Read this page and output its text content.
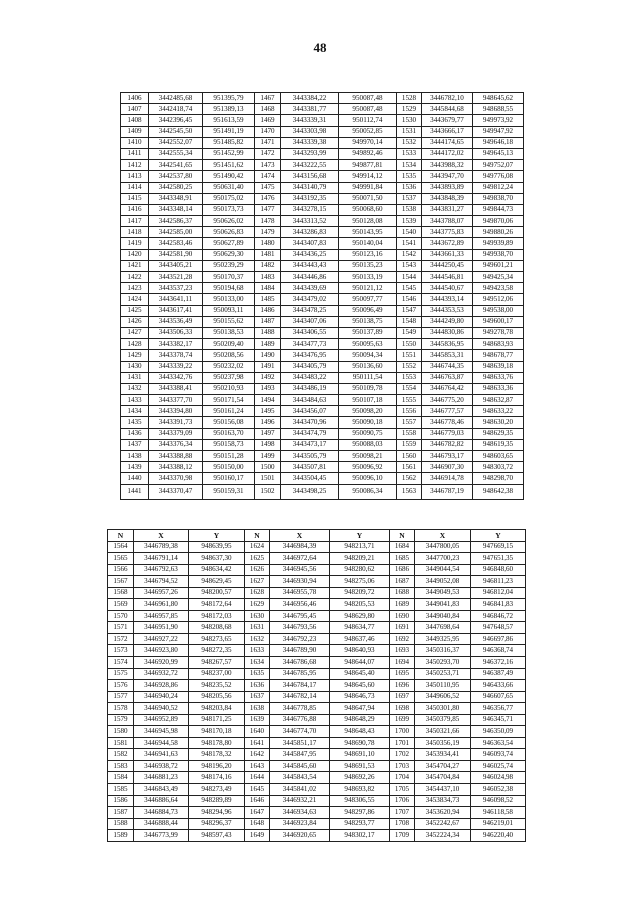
48
1406	3442485,68	951395,79	1467	3443384,22	950087,48	1528	3446782,10	948645,62
1407	3442418,74	951389,13	1468	3443381,77	950087,48	1529	3445844,68	948688,55
1408	3442396,45	951613,59	1469	3443339,31	950112,74	1530	3443679,77	949973,92
1409	3442545,50	951491,19	1470	3443303,98	950052,85	1531	3443666,17	949947,92
1410	3442552,07	951485,82	1471	3443339,38	949970,14	1532	3444174,65	949646,18
1411	3442555,34	951452,99	1472	3443293,99	949892,46	1533	3444172,02	949645,13
1412	3442541,65	951451,62	1473	3443222,55	949877,81	1534	3443988,32	949752,07
1413	3442537,80	951490,42	1474	3443156,68	949914,12	1535	3443947,70	949776,08
1414	3442580,25	950631,40	1475	3443140,79	949991,84	1536	3443893,89	949812,24
1415	3443348,91	950175,02	1476	3443192,35	950071,50	1537	3443848,39	949838,70
1416	3443348,14	950173,73	1477	3443278,15	950068,60	1538	3443831,27	949844,73
1417	3442586,37	950626,02	1478	3443313,52	950128,08	1539	3443788,07	949870,06
1418	3442585,00	950626,83	1479	3443286,83	950143,95	1540	3443775,83	949880,26
1419	3442583,46	950627,89	1480	3443407,83	950140,04	1541	3443672,89	949939,89
1420	3442581,90	950629,30	1481	3443436,25	950123,16	1542	3443661,33	949938,70
1421	3443405,21	950239,29	1482	3443443,43	950135,23	1543	3444250,45	949601,21
1422	3443521,28	950170,37	1483	3443446,86	950133,19	1544	3444546,81	949425,34
1423	3443537,23	950194,68	1484	3443439,69	950121,12	1545	3444540,67	949423,58
1424	3443641,11	950133,00	1485	3443479,02	950097,77	1546	3444393,14	949512,06
1425	3443617,41	950093,11	1486	3443478,25	950096,49	1547	3444353,53	949538,00
1426	3443536,49	950155,62	1487	3443407,06	950138,75	1548	3444249,80	949600,17
1427	3443506,33	950138,53	1488	3443406,55	950137,89	1549	3444830,86	949278,78
1428	3443382,17	950209,40	1489	3443477,73	950095,63	1550	3445836,95	948683,93
1429	3443378,74	950208,56	1490	3443476,95	950094,34	1551	3445853,31	948678,77
1430	3443339,22	950232,02	1491	3443405,79	950136,60	1552	3446744,35	948639,18
1431	3443342,76	950237,98	1492	3443483,22	950111,54	1553	3446763,87	948633,76
1432	3443388,41	950210,93	1493	3443486,19	950109,78	1554	3446764,42	948633,36
1433	3443377,70	950171,54	1494	3443484,63	950107,18	1555	3446775,20	948632,87
1434	3443394,80	950161,24	1495	3443456,07	950098,20	1556	3446777,57	948633,22
1435	3443391,73	950156,08	1496	3443470,96	950090,18	1557	3446778,46	948630,20
1436	3443379,09	950163,70	1497	3443474,79	950090,75	1558	3446779,03	948629,35
1437	3443376,34	950158,73	1498	3443473,17	950088,03	1559	3446782,82	948619,35
1438	3443388,88	950151,28	1499	3443505,79	950098,21	1560	3446793,17	948603,65
1439	3443388,12	950150,00	1500	3443507,81	950096,92	1561	3446907,30	948303,72
1440	3443370,98	950160,17	1501	3443504,45	950096,10	1562	3446914,78	948298,70
1441	3443370,47	950159,31	1502	3443498,25	950086,34	1563	3446787,19	948642,38
N	X	Y	N	X	Y	N	X	Y
1564	3446789,38	948639,95	1624	3446984,39	948213,71	1684	3447800,05	947669,15
1565	3446791,14	948637,30	1625	3446972,64	948209,21	1685	3447700,23	947651,35
1566	3446792,63	948634,42	1626	3446945,56	948280,62	1686	3449044,54	946848,60
1567	3446794,52	948629,45	1627	3446930,94	948275,06	1687	3449052,08	946811,23
1568	3446957,26	948200,57	1628	3446955,78	948209,72	1688	3449049,53	946812,04
1569	3446961,80	948172,64	1629	3446956,46	948205,53	1689	3449041,83	946841,83
1570	3446957,85	948172,03	1630	3446795,45	948629,80	1690	3449040,84	946846,72
1571	3446951,90	948208,68	1631	3446793,56	948634,77	1691	3447698,64	947648,57
1572	3446927,22	948273,65	1632	3446792,23	948637,46	1692	3449325,95	946697,86
1573	3446923,80	948272,35	1633	3446789,90	948640,93	1693	3450316,37	946368,74
1574	3446920,99	948267,57	1634	3446786,68	948644,07	1694	3450293,70	946372,16
1575	3446932,72	948237,00	1635	3446785,95	948645,40	1695	3450253,71	946387,49
1576	3446928,86	948235,52	1636	3446784,17	948645,60	1696	3450110,95	946433,66
1577	3446940,24	948205,56	1637	3446782,14	948646,73	1697	3449606,52	946607,65
1578	3446940,52	948203,84	1638	3446778,85	948647,94	1698	3450301,80	946356,77
1579	3446952,89	948171,25	1639	3446776,88	948648,29	1699	3450379,85	946345,71
1580	3446945,98	948170,18	1640	3446774,70	948648,43	1700	3450321,66	946350,09
1581	3446944,58	948178,80	1641	3445851,17	948690,78	1701	3450356,19	946363,54
1582	3446941,63	948178,32	1642	3445847,95	948691,10	1702	3453934,41	946093,74
1583	3446938,72	948196,20	1643	3445845,60	948691,53	1703	3454704,27	946025,74
1584	3446881,23	948174,16	1644	3445843,54	948692,26	1704	3454704,84	946024,98
1585	3446843,49	948273,49	1645	3445841,02	948693,82	1705	3454437,10	946052,38
1586	3446886,64	948289,89	1646	3446932,21	948306,55	1706	3453834,73	946098,52
1587	3446884,73	948294,96	1647	3446934,63	948297,86	1707	3453620,94	946118,58
1588	3446888,44	948296,37	1648	3446923,84	948293,77	1708	3452242,67	946219,01
1589	3446773,99	948597,43	1649	3446920,65	948302,17	1709	3452224,34	946220,40
